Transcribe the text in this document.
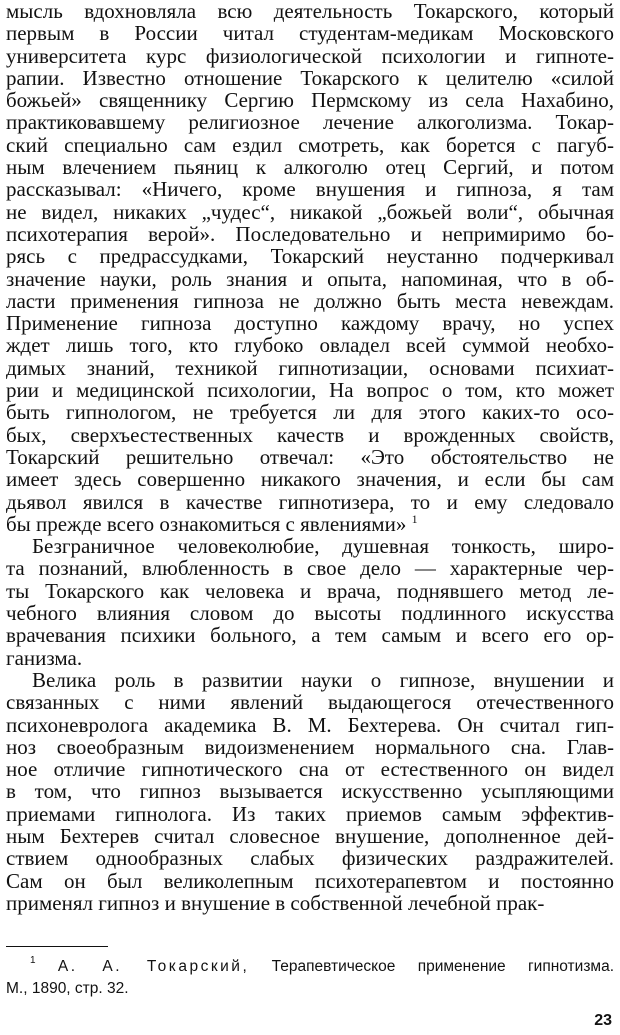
мысль вдохновляла всю деятельность Токарского, который
первым в России читал студентам-медикам Московского
университета курс физиологической психологии и гипноте-
рапии. Известно отношение Токарского к целителю «силой
божьей» священнику Сергию Пермскому из села Нахабино,
практиковавшему религиозное лечение алкоголизма. Токар-
ский специально сам ездил смотреть, как борется с пагуб-
ным влечением пьяниц к алкоголю отец Сергий, и потом
рассказывал: «Ничего, кроме внушения и гипноза, я там
не видел, никаких „чудес“, никакой „божьей воли“, обычная
психотерапия верой». Последовательно и непримиримо бо-
рясь с предрассудками, Токарский неустанно подчеркивал
значение науки, роль знания и опыта, напоминая, что в об-
ласти применения гипноза не должно быть места невеждам.
Применение гипноза доступно каждому врачу, но успех
ждет лишь того, кто глубоко овладел всей суммой необхо-
димых знаний, техникой гипнотизации, основами психиат-
рии и медицинской психологии, На вопрос о том, кто может
быть гипнологом, не требуется ли для этого каких-то осо-
бых, сверхъестественных качеств и врожденных свойств,
Токарский решительно отвечал: «Это обстоятельство не
имеет здесь совершенно никакого значения, и если бы сам
дьявол явился в качестве гипнотизера, то и ему следовало
бы прежде всего ознакомиться с явлениями» $^1$
Безграничное человеколюбие, душевная тонкость, широ-
та познаний, влюбленность в свое дело — характерные чер-
ты Токарского как человека и врача, поднявшего метод ле-
чебного влияния словом до высоты подлинного искусства
врачевания психики больного, а тем самым и всего его ор-
ганизма.
Велика роль в развитии науки о гипнозе, внушении и
связанных с ними явлений выдающегося отечественного
психоневролога академика В. М. Бехтерева. Он считал гип-
ноз своеобразным видоизменением нормального сна. Глав-
ное отличие гипнотического сна от естественного он видел
в том, что гипноз вызывается искусственно усыпляющими
приемами гипнолога. Из таких приемов самым эффектив-
ным Бехтерев считал словесное внушение, дополненное дей-
ствием однообразных слабых физических раздражителей.
Сам он был великолепным психотерапевтом и постоянно
применял гипноз и внушение в собственной лечебной прак-
$^1$ А. А. Токарский, Терапевтическое применение гипнотизма.
М., 1890, стр. 32.
23
